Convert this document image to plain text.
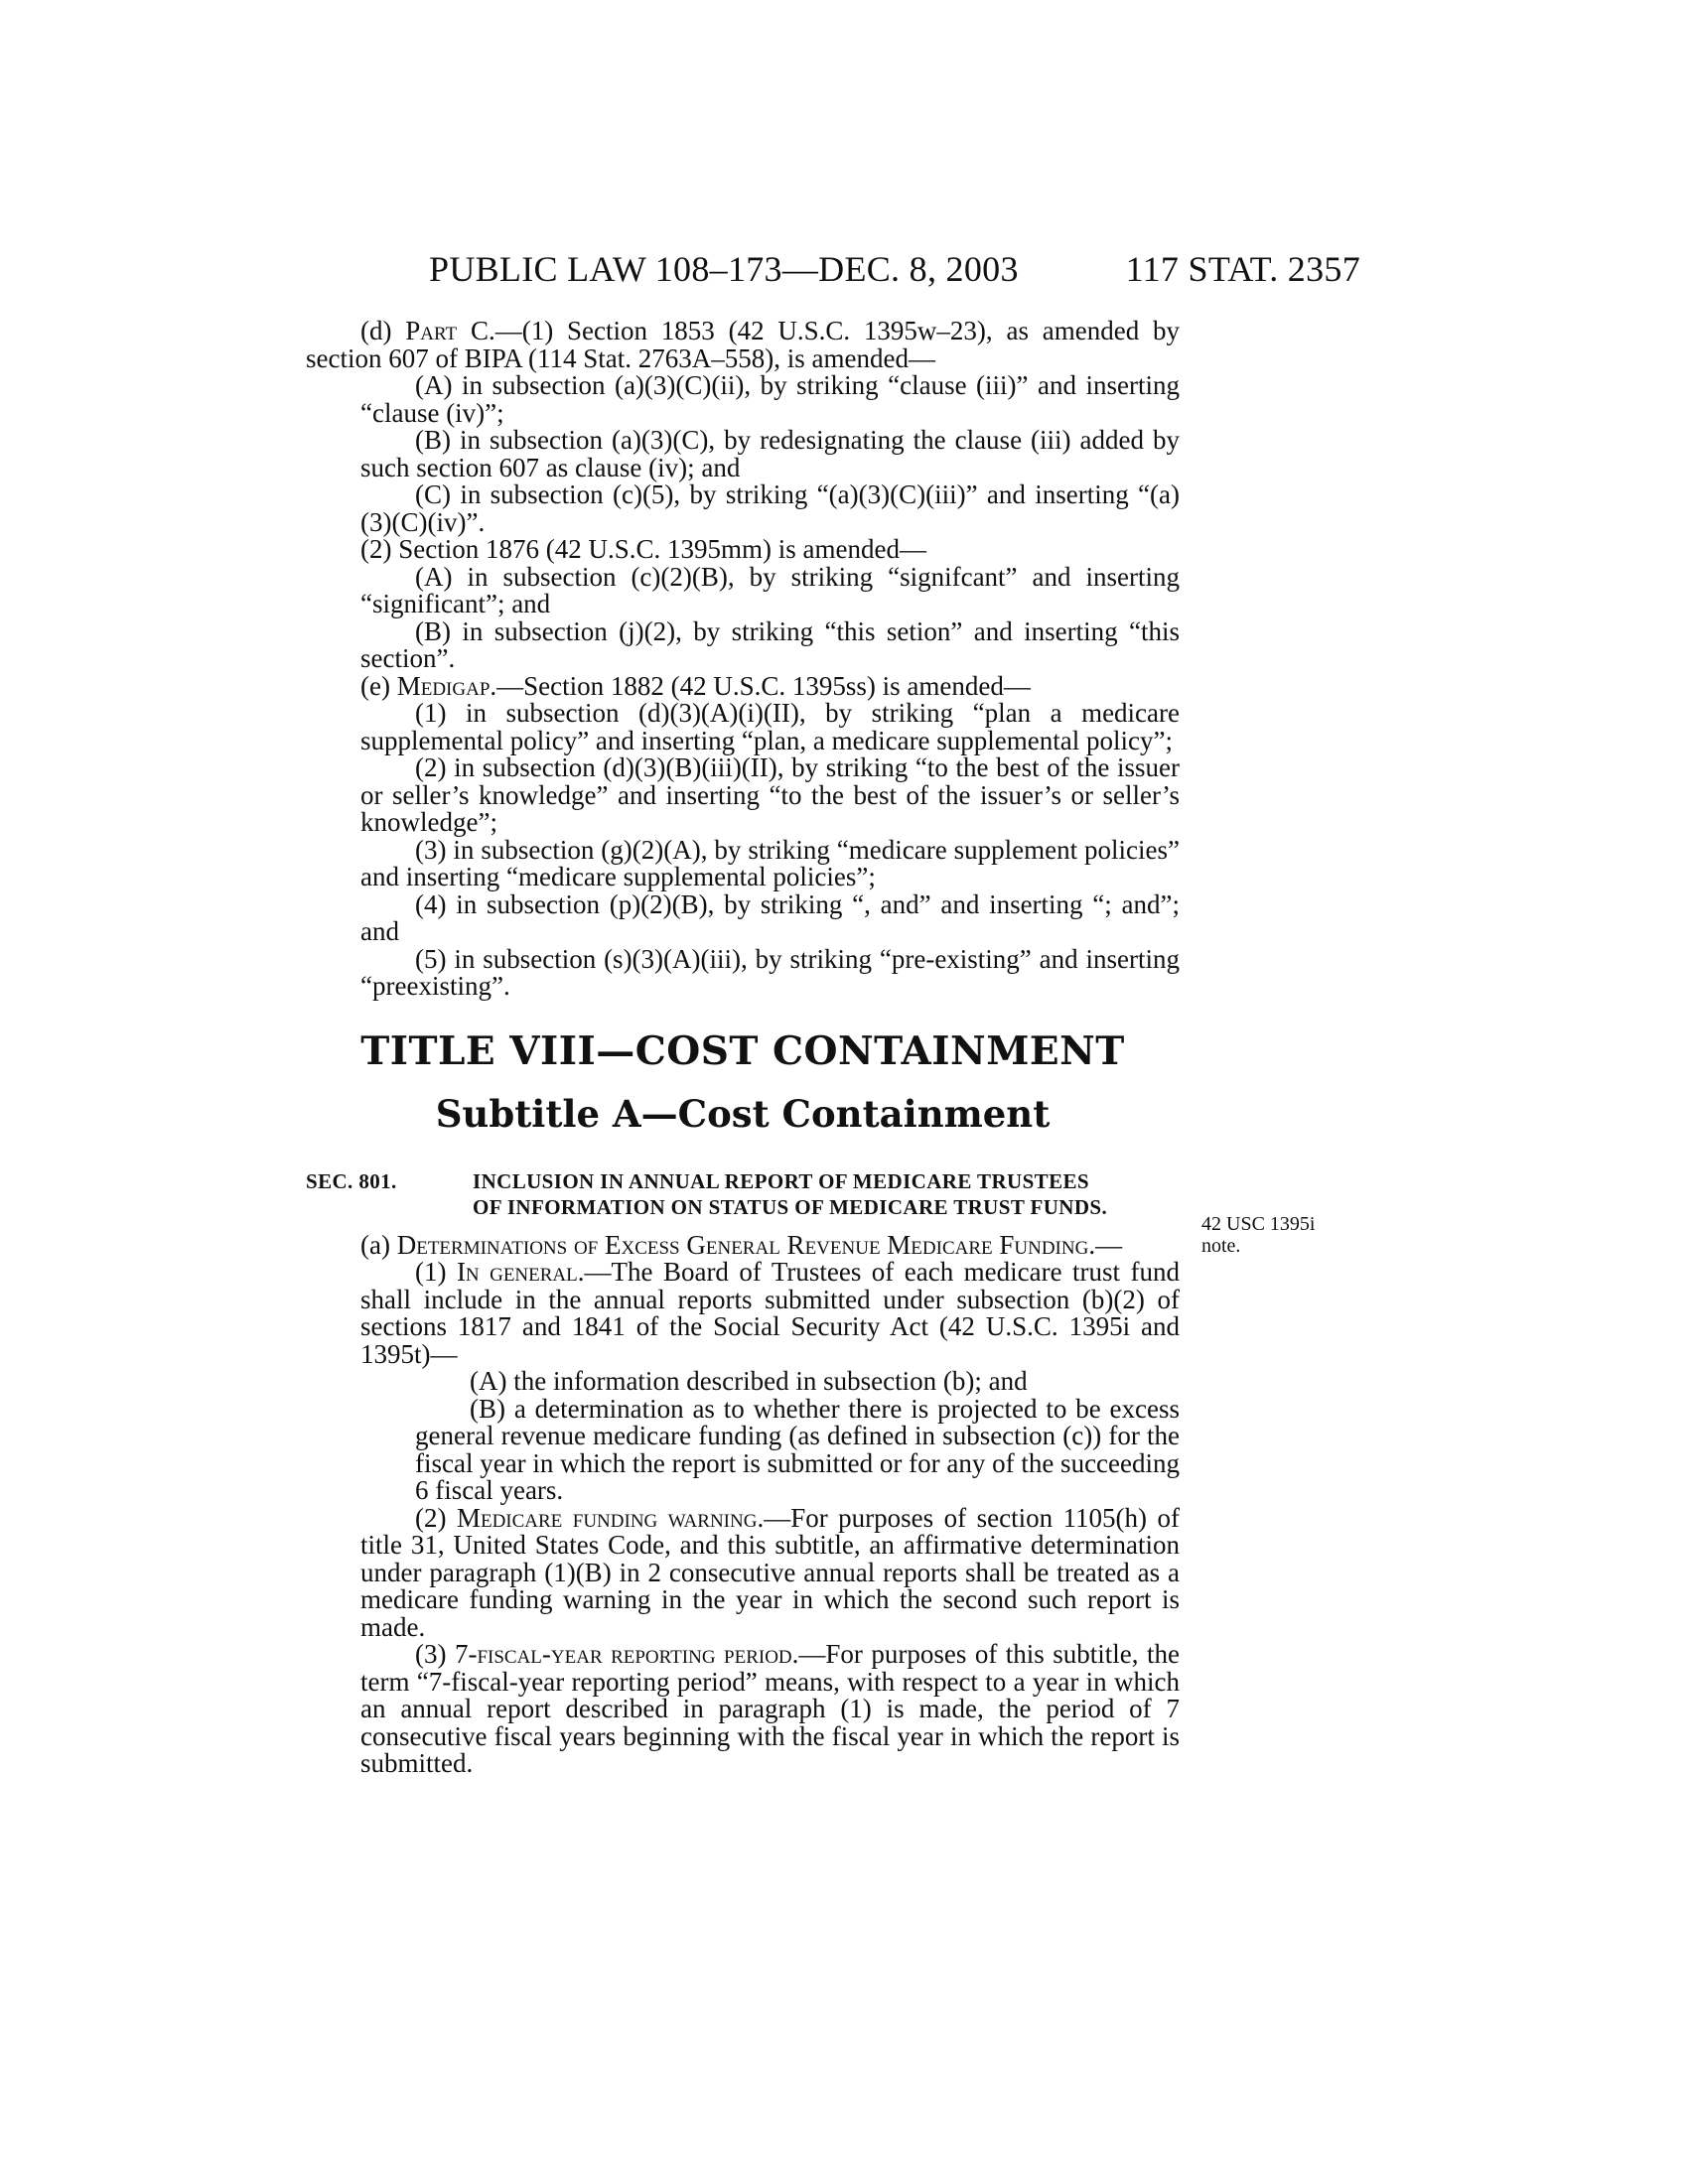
PUBLIC LAW 108–173—DEC. 8, 2003	117 STAT. 2357
42 USC 1395i
note.

(d) Part C.—(1) Section 1853 (42 U.S.C. 1395w–23), as amended by section 607 of BIPA (114 Stat. 2763A–558), is amended—

(A) in subsection (a)(3)(C)(ii), by striking “clause (iii)” and inserting “clause (iv)”;

(B) in subsection (a)(3)(C), by redesignating the clause (iii) added by such section 607 as clause (iv); and

(C) in subsection (c)(5), by striking “(a)(3)(C)(iii)” and inserting “(a)(3)(C)(iv)”.

(2) Section 1876 (42 U.S.C. 1395mm) is amended—

(A) in subsection (c)(2)(B), by striking “signifcant” and inserting “significant”; and

(B) in subsection (j)(2), by striking “this setion” and inserting “this section”.

(e) Medigap.—Section 1882 (42 U.S.C. 1395ss) is amended—

(1) in subsection (d)(3)(A)(i)(II), by striking “plan a medicare supplemental policy” and inserting “plan, a medicare supplemental policy”;

(2) in subsection (d)(3)(B)(iii)(II), by striking “to the best of the issuer or seller’s knowledge” and inserting “to the best of the issuer’s or seller’s knowledge”;

(3) in subsection (g)(2)(A), by striking “medicare supplement policies” and inserting “medicare supplemental policies”;

(4) in subsection (p)(2)(B), by striking “, and” and inserting “; and”; and

(5) in subsection (s)(3)(A)(iii), by striking “pre-existing” and inserting “preexisting”.

TITLE VIII—COST CONTAINMENT
Subtitle A—Cost Containment
SEC. 801.	INCLUSION IN ANNUAL REPORT OF MEDICARE TRUSTEES
OF INFORMATION ON STATUS OF MEDICARE TRUST FUNDS.

(a) Determinations of Excess General Revenue Medicare Funding.—

(1) In general.—The Board of Trustees of each medicare trust fund shall include in the annual reports submitted under subsection (b)(2) of sections 1817 and 1841 of the Social Security Act (42 U.S.C. 1395i and 1395t)—

(A) the information described in subsection (b); and

(B) a determination as to whether there is projected to be excess general revenue medicare funding (as defined in subsection (c)) for the fiscal year in which the report is submitted or for any of the succeeding 6 fiscal years.

(2) Medicare funding warning.—For purposes of section 1105(h) of title 31, United States Code, and this subtitle, an affirmative determination under paragraph (1)(B) in 2 consecutive annual reports shall be treated as a medicare funding warning in the year in which the second such report is made.

(3) 7-fiscal-year reporting period.—For purposes of this subtitle, the term “7-fiscal-year reporting period” means, with respect to a year in which an annual report described in paragraph (1) is made, the period of 7 consecutive fiscal years beginning with the fiscal year in which the report is submitted.
